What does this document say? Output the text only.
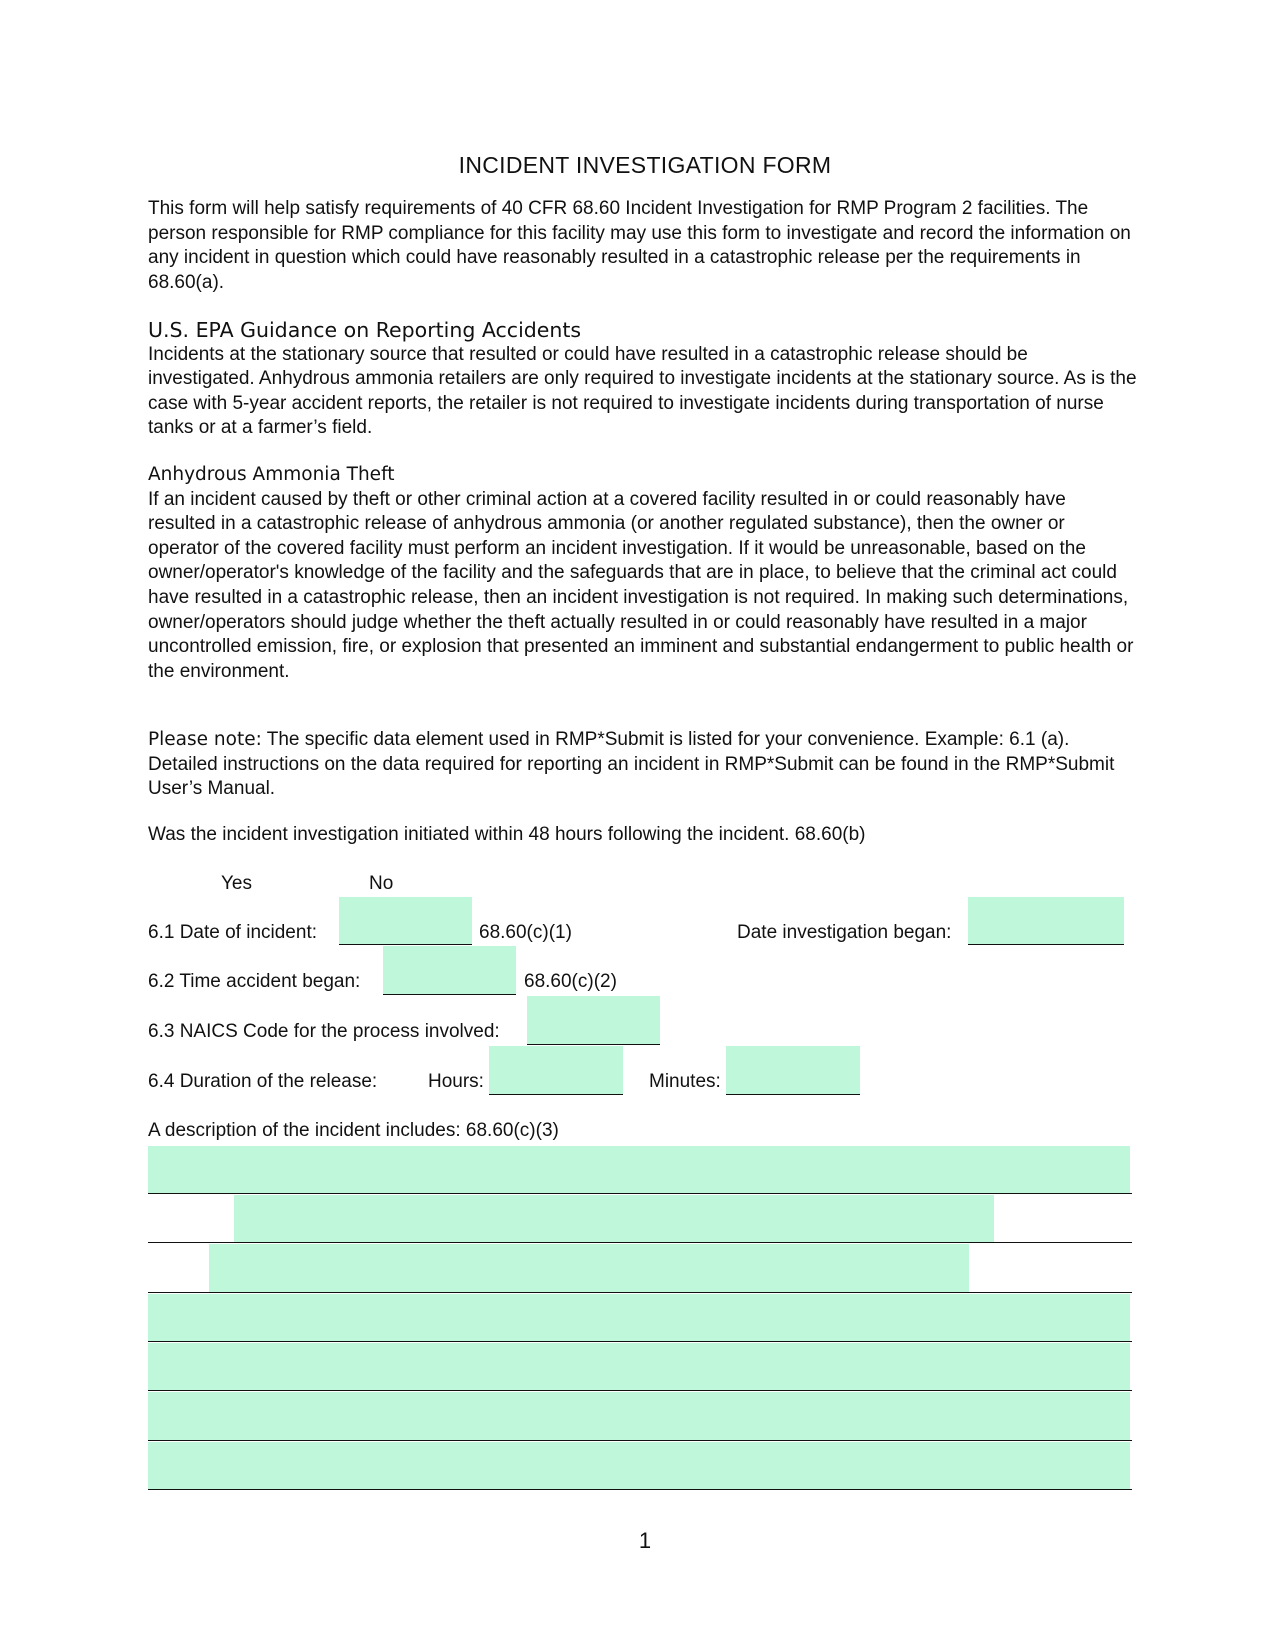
INCIDENT INVESTIGATION FORM

This form will help satisfy requirements of 40 CFR 68.60 Incident Investigation for RMP Program 2 facilities. The person responsible for RMP compliance for this facility may use this form to investigate and record the information on any incident in question which could have reasonably resulted in a catastrophic release per the requirements in 68.60(a).

U.S. EPA Guidance on Reporting Accidents

Incidents at the stationary source that resulted or could have resulted in a catastrophic release should be investigated. Anhydrous ammonia retailers are only required to investigate incidents at the stationary source. As is the case with 5-year accident reports, the retailer is not required to investigate incidents during transportation of nurse tanks or at a farmer’s field.

Anhydrous Ammonia Theft

If an incident caused by theft or other criminal action at a covered facility resulted in or could reasonably have resulted in a catastrophic release of anhydrous ammonia (or another regulated substance), then the owner or operator of the covered facility must perform an incident investigation. If it would be unreasonable, based on the owner/operator's knowledge of the facility and the safeguards that are in place, to believe that the criminal act could have resulted in a catastrophic release, then an incident investigation is not required. In making such determinations, owner/operators should judge whether the theft actually resulted in or could reasonably have resulted in a major uncontrolled emission, fire, or explosion that presented an imminent and substantial endangerment to public health or the environment.

Please note: The specific data element used in RMP*Submit is listed for your convenience. Example: 6.1 (a). Detailed instructions on the data required for reporting an incident in RMP*Submit can be found in the RMP*Submit User’s Manual.

Was the incident investigation initiated within 48 hours following the incident. 68.60(b)
Yes	No
6.1 Date of incident:	68.60(c)(1)	Date investigation began:
6.2 Time accident began:	68.60(c)(2)
6.3 NAICS Code for the process involved:
6.4 Duration of the release:	Hours:	Minutes:
A description of the incident includes: 68.60(c)(3)
1
